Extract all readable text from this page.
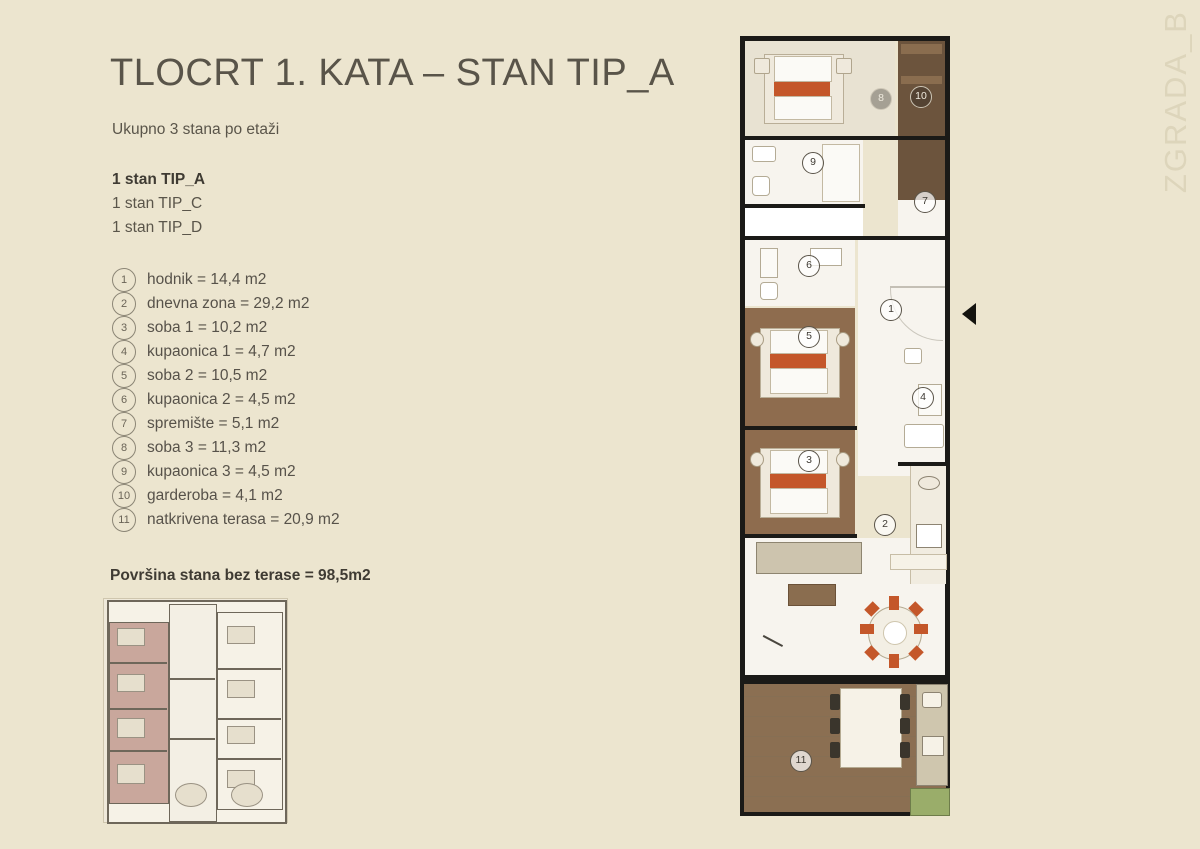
TLOCRT 1. KATA – STAN TIP_A
Ukupno 3 stana po etaži
1 stan TIP_A
1 stan TIP_C
1 stan TIP_D
1	hodnik = 14,4 m2
2	dnevna zona = 29,2 m2
3	soba 1 = 10,2 m2
4	kupaonica 1 = 4,7 m2
5	soba 2 = 10,5 m2
6	kupaonica 2 = 4,5 m2
7	spremište = 5,1 m2
8	soba 3 = 11,3 m2
9	kupaonica 3 = 4,5 m2
10	garderoba = 4,1 m2
11	natkrivena terasa = 20,9 m2
Površina stana bez terase = 98,5m2
ZGRADA_B
8	10
9
7
6
1
5
4
3
2
11
